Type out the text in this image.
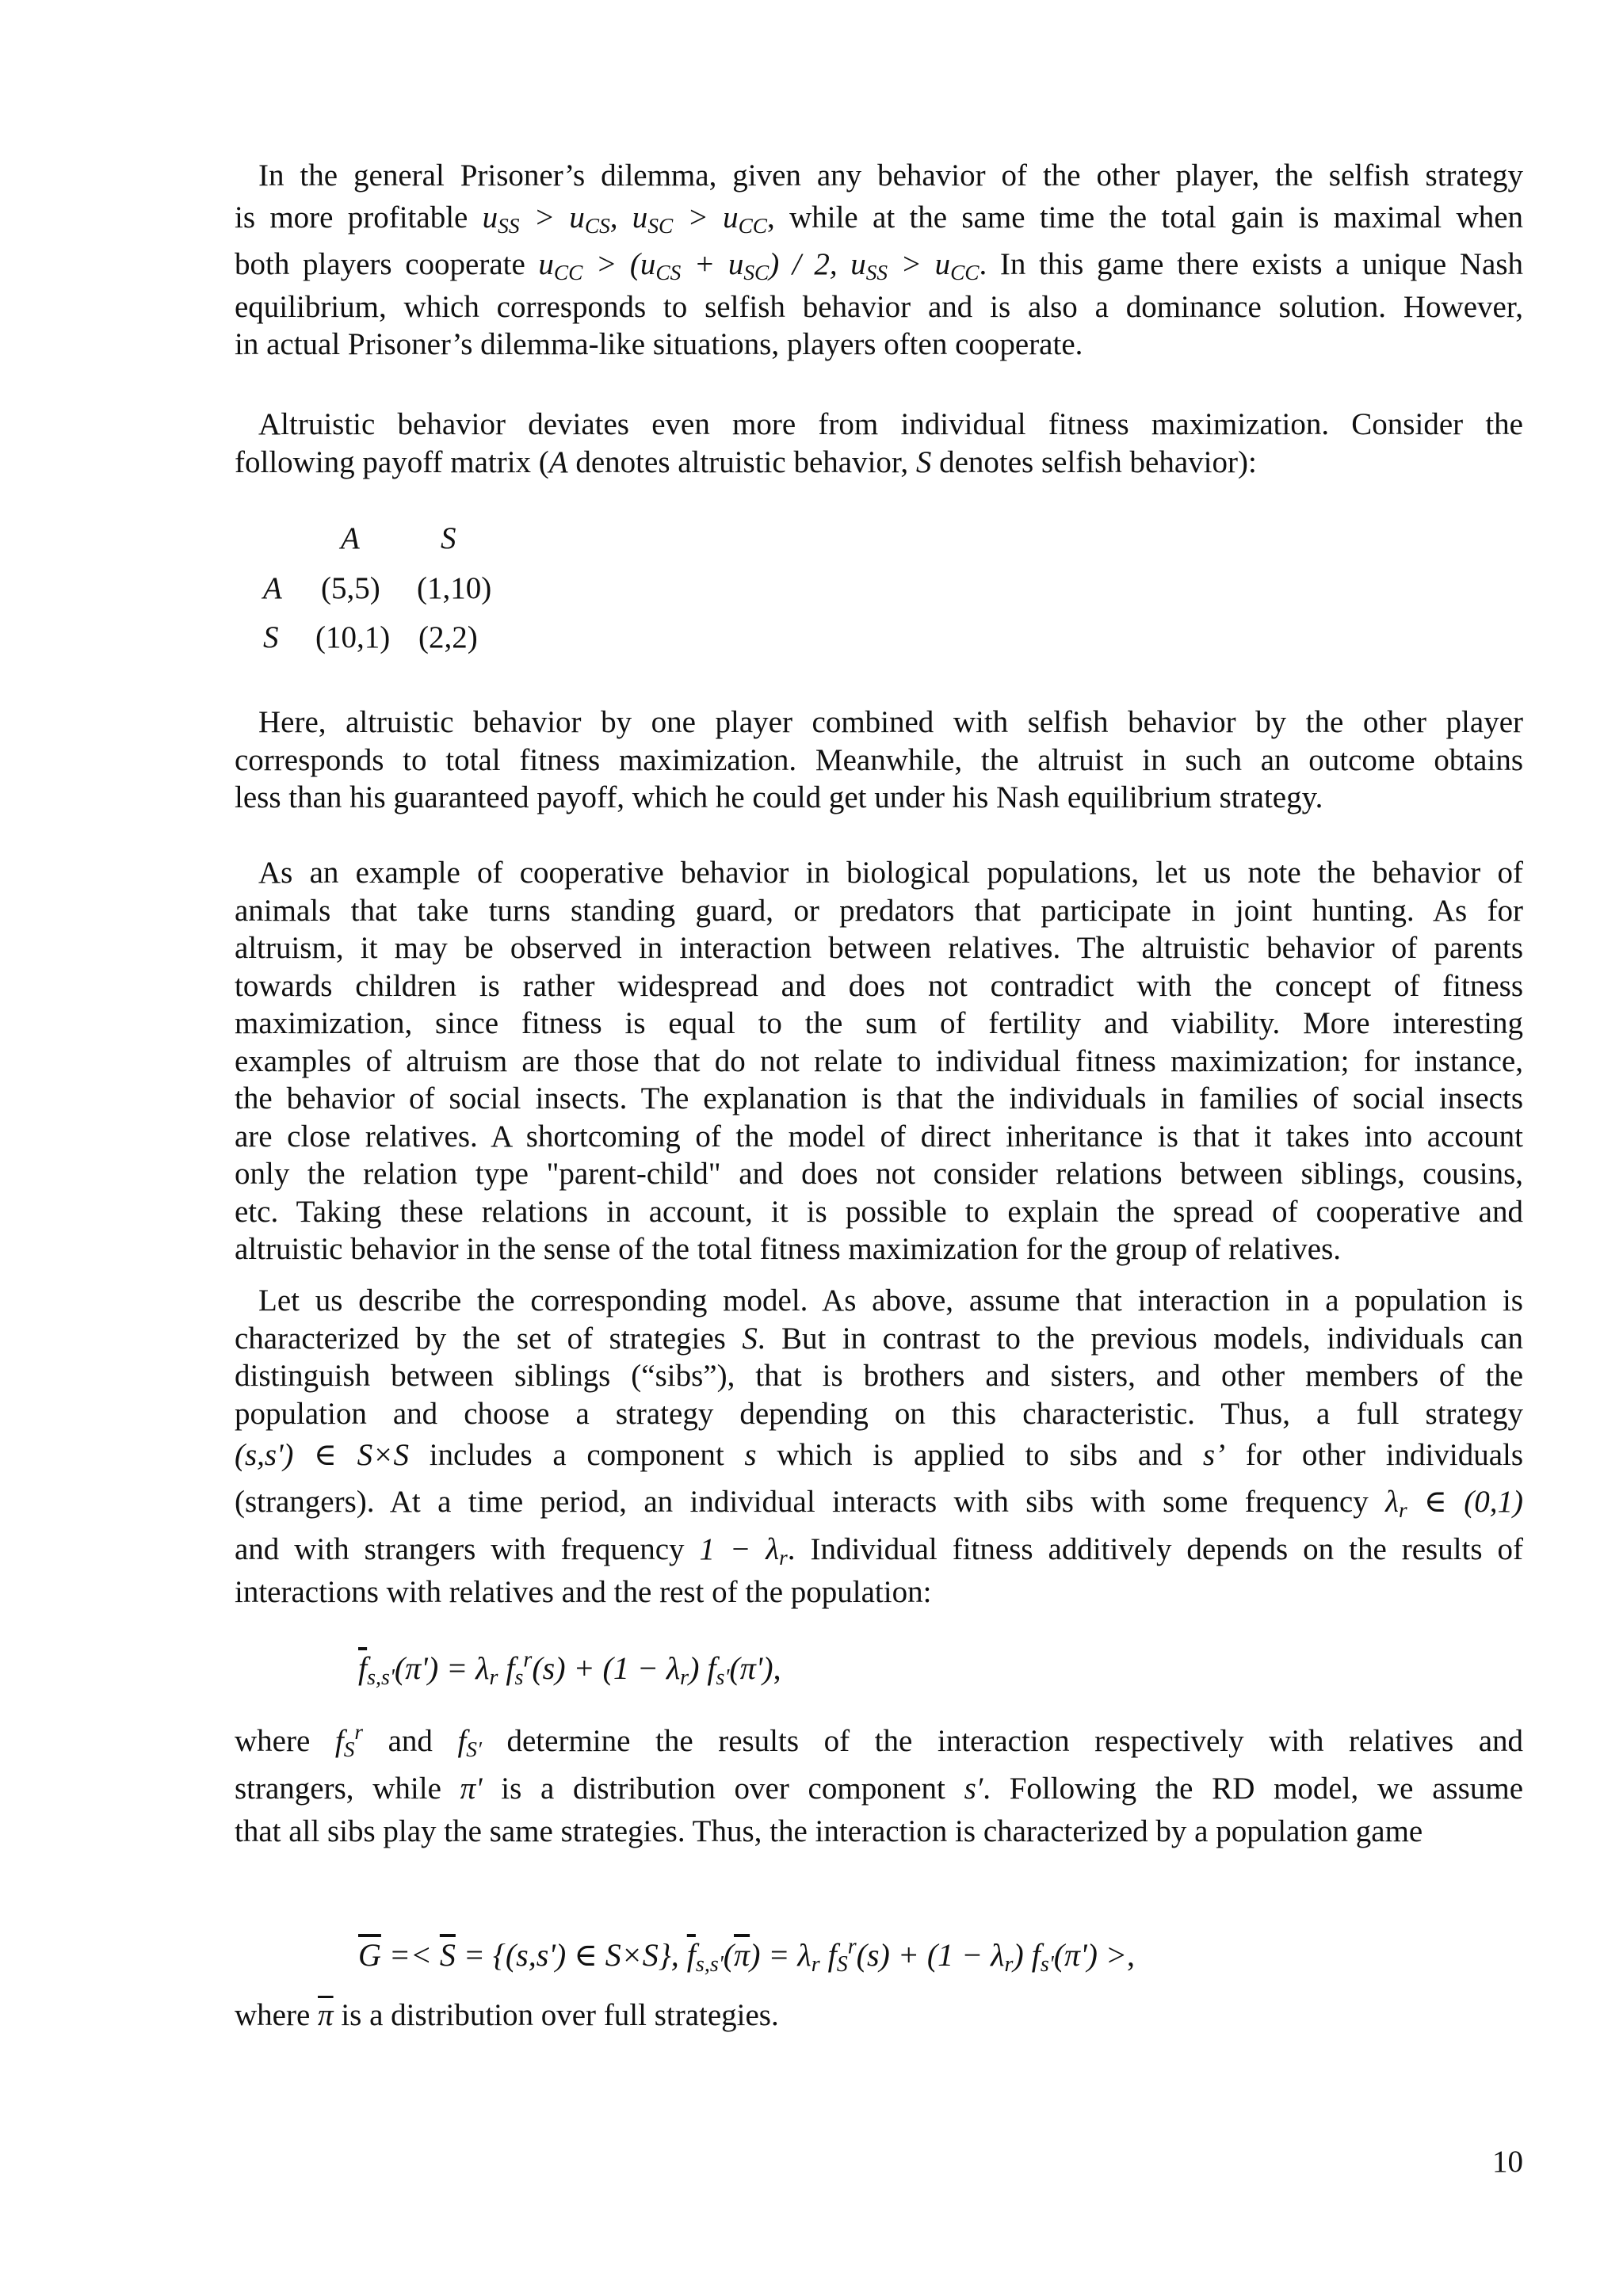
In the general Prisoner’s dilemma, given any behavior of the other player, the selfish strategy
is more profitable $u_{SS} > u_{CS}$, $u_{SC} > u_{CC}$, while at the same time the total gain is maximal when
both players cooperate $u_{CC} > (u_{CS} + u_{SC}) / 2$, $u_{SS} > u_{CC}$. In this game there exists a unique Nash
equilibrium, which corresponds to selfish behavior and is also a dominance solution. However,
in actual Prisoner’s dilemma-like situations, players often cooperate.
Altruistic behavior deviates even more from individual fitness maximization. Consider the
following payoff matrix (A denotes altruistic behavior, S denotes selfish behavior):
A	S
A (5,5) (1,10)
S (10,1) (2,2)
Here, altruistic behavior by one player combined with selfish behavior by the other player
corresponds to total fitness maximization. Meanwhile, the altruist in such an outcome obtains
less than his guaranteed payoff, which he could get under his Nash equilibrium strategy.
As an example of cooperative behavior in biological populations, let us note the behavior of
animals that take turns standing guard, or predators that participate in joint hunting. As for
altruism, it may be observed in interaction between relatives. The altruistic behavior of parents
towards children is rather widespread and does not contradict with the concept of fitness
maximization, since fitness is equal to the sum of fertility and viability. More interesting
examples of altruism are those that do not relate to individual fitness maximization; for instance,
the behavior of social insects. The explanation is that the individuals in families of social insects
are close relatives. A shortcoming of the model of direct inheritance is that it takes into account
only the relation type "parent-child" and does not consider relations between siblings, cousins,
etc. Taking these relations in account, it is possible to explain the spread of cooperative and
altruistic behavior in the sense of the total fitness maximization for the group of relatives.
Let us describe the corresponding model. As above, assume that interaction in a population is
characterized by the set of strategies S. But in contrast to the previous models, individuals can
distinguish between siblings (“sibs”), that is brothers and sisters, and other members of the
population and choose a strategy depending on this characteristic. Thus, a full strategy
(s,s') ∈ S×S includes a component s which is applied to sibs and s’ for other individuals
(strangers). At a time period, an individual interacts with sibs with some frequency $\lambda_r$ ∈ (0,1)
and with strangers with frequency $1 - \lambda_r$. Individual fitness additively depends on the results of
interactions with relatives and the rest of the population:
$\overline{f}_{s,s'}(\pi') = \lambda_r$ $f_s^r(s) + (1 - \lambda_r)$ $f_{s'}(\pi')$,
where $f_S^r$ and $f_{S'}$ determine the results of the interaction respectively with relatives and
strangers, while π' is a distribution over component s′. Following the RD model, we assume
that all sibs play the same strategies. Thus, the interaction is characterized by a population game
$\overline{G} =< \overline{S} = \{(s,s')$ ∈ S×S}, $\overline{f}_{s,s'}(\overline{\pi}) = \lambda_r$ $f_S^r(s) + (1 - \lambda_r)$ $f_{s'}(\pi')$ >,
where $\overline{\pi}$ is a distribution over full strategies.
10
